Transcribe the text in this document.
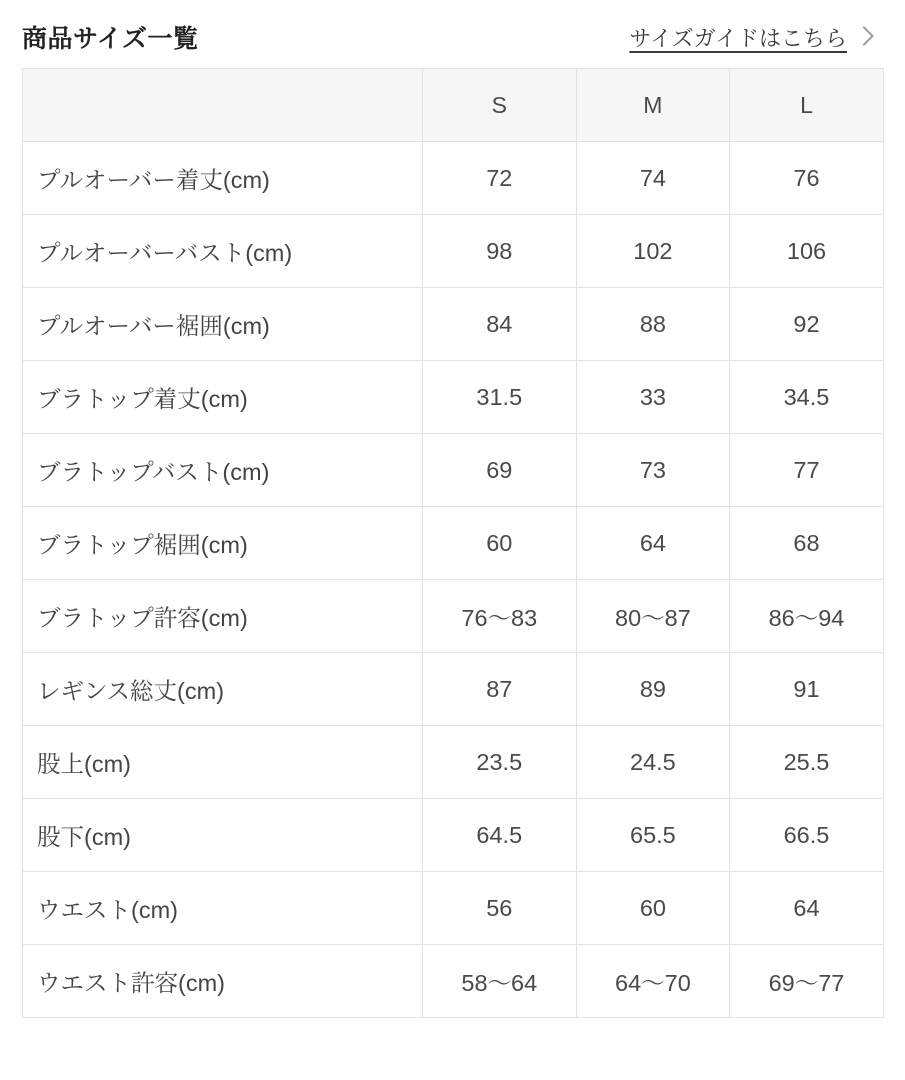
商品サイズ一覧	サイズガイドはこちら
	S	M	L
プルオーバー着丈(cm)	72	74	76
プルオーバーバスト(cm)	98	102	106
プルオーバー裾囲(cm)	84	88	92
ブラトップ着丈(cm)	31.5	33	34.5
ブラトップバスト(cm)	69	73	77
ブラトップ裾囲(cm)	60	64	68
ブラトップ許容(cm)	76〜83	80〜87	86〜94
レギンス総丈(cm)	87	89	91
股上(cm)	23.5	24.5	25.5
股下(cm)	64.5	65.5	66.5
ウエスト(cm)	56	60	64
ウエスト許容(cm)	58〜64	64〜70	69〜77
